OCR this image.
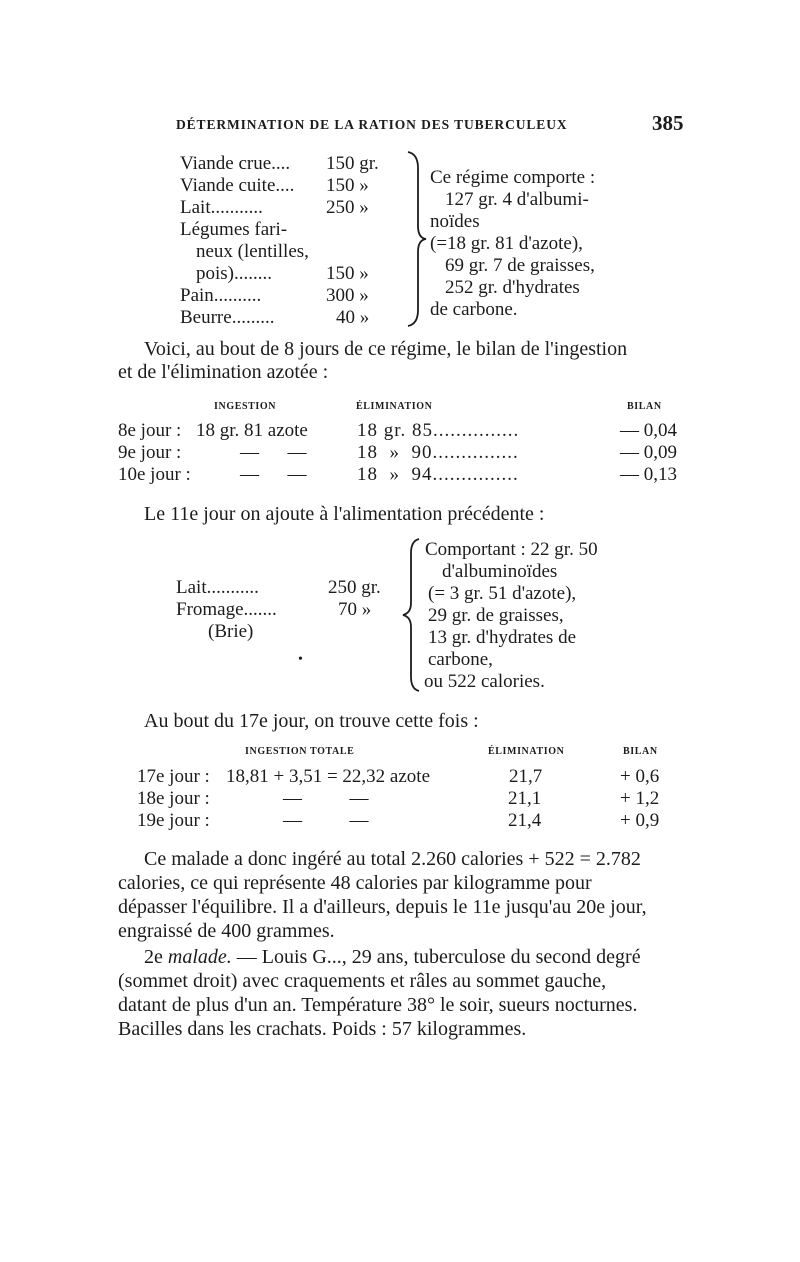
DÉTERMINATION DE LA RATION DES TUBERCULEUX	385
Viande crue.... 150 gr.
Viande cuite.... 150 »
Lait...........	250 »
Légumes fari-
neux (lentilles,
pois)........	150 »
Pain..........	300 »
Beurre.........	40 »
Ce régime comporte :
127 gr. 4 d'albumi-
noïdes
(=18 gr. 81 d'azote),
69 gr. 7 de graisses,
252 gr. d'hydrates
de carbone.
Voici, au bout de 8 jours de ce régime, le bilan de l'ingestion
et de l'élimination azotée :
INGESTION	ÉLIMINATION	BILAN
8e jour : 18 gr. 81 azote	18 gr. 85...............	— 0,04
9e jour :	—      —	18  »  90...............	— 0,09
10e jour :	—      —	18  »  94...............	— 0,13
Le 11e jour on ajoute à l'alimentation précédente :
Lait...........	250 gr.
Fromage.......	70 »
(Brie)
•
Comportant : 22 gr. 50
d'albuminoïdes
(= 3 gr. 51 d'azote),
29 gr. de graisses,
13 gr. d'hydrates de
carbone,
ou 522 calories.
Au bout du 17e jour, on trouve cette fois :
INGESTION TOTALE	ÉLIMINATION	BILAN
17e jour : 18,81 + 3,51 = 22,32 azote	21,7	+ 0,6
18e jour :	—          —	21,1	+ 1,2
19e jour :	—          —	21,4	+ 0,9
Ce malade a donc ingéré au total 2.260 calories + 522 = 2.782
calories, ce qui représente 48 calories par kilogramme pour
dépasser l'équilibre. Il a d'ailleurs, depuis le 11e jusqu'au 20e jour,
engraissé de 400 grammes.
2e malade. — Louis G..., 29 ans, tuberculose du second degré
(sommet droit) avec craquements et râles au sommet gauche,
datant de plus d'un an. Température 38° le soir, sueurs nocturnes.
Bacilles dans les crachats. Poids : 57 kilogrammes.
